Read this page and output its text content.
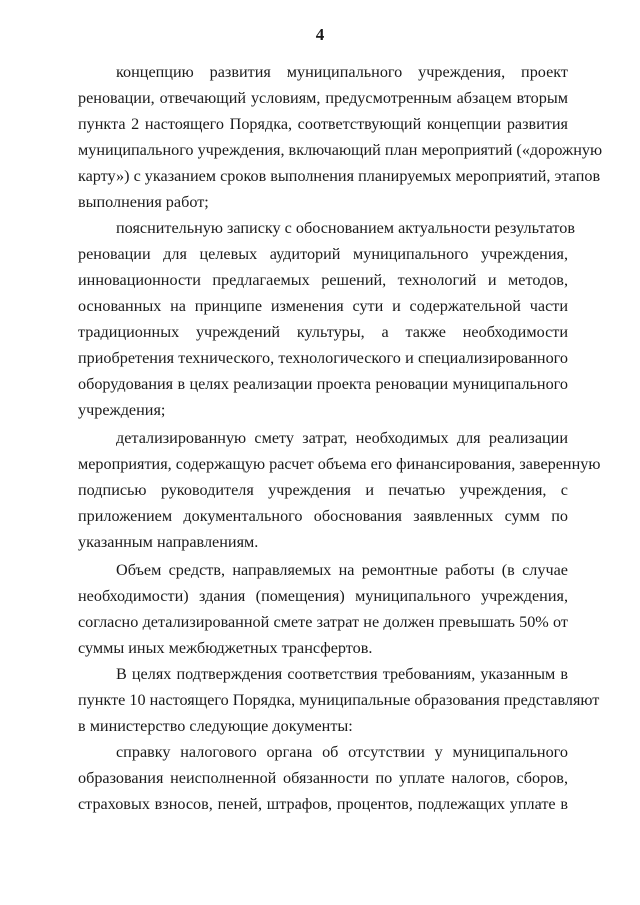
4
концепцию развития муниципального учреждения, проект
реновации, отвечающий условиям, предусмотренным абзацем вторым
пункта 2 настоящего Порядка, соответствующий концепции развития
муниципального учреждения, включающий план мероприятий («дорожную
карту») с указанием сроков выполнения планируемых мероприятий, этапов
выполнения работ;
пояснительную записку с обоснованием актуальности результатов
реновации для целевых аудиторий муниципального учреждения,
инновационности предлагаемых решений, технологий и методов,
основанных на принципе изменения сути и содержательной части
традиционных учреждений культуры, а также необходимости
приобретения технического, технологического и специализированного
оборудования в целях реализации проекта реновации муниципального
учреждения;
детализированную смету затрат, необходимых для реализации
мероприятия, содержащую расчет объема его финансирования, заверенную
подписью руководителя учреждения и печатью учреждения, с
приложением документального обоснования заявленных сумм по
указанным направлениям.
Объем средств, направляемых на ремонтные работы (в случае
необходимости) здания (помещения) муниципального учреждения,
согласно детализированной смете затрат не должен превышать 50% от
суммы иных межбюджетных трансфертов.
В целях подтверждения соответствия требованиям, указанным в
пункте 10 настоящего Порядка, муниципальные образования представляют
в министерство следующие документы:
справку налогового органа об отсутствии у муниципального
образования неисполненной обязанности по уплате налогов, сборов,
страховых взносов, пеней, штрафов, процентов, подлежащих уплате в
